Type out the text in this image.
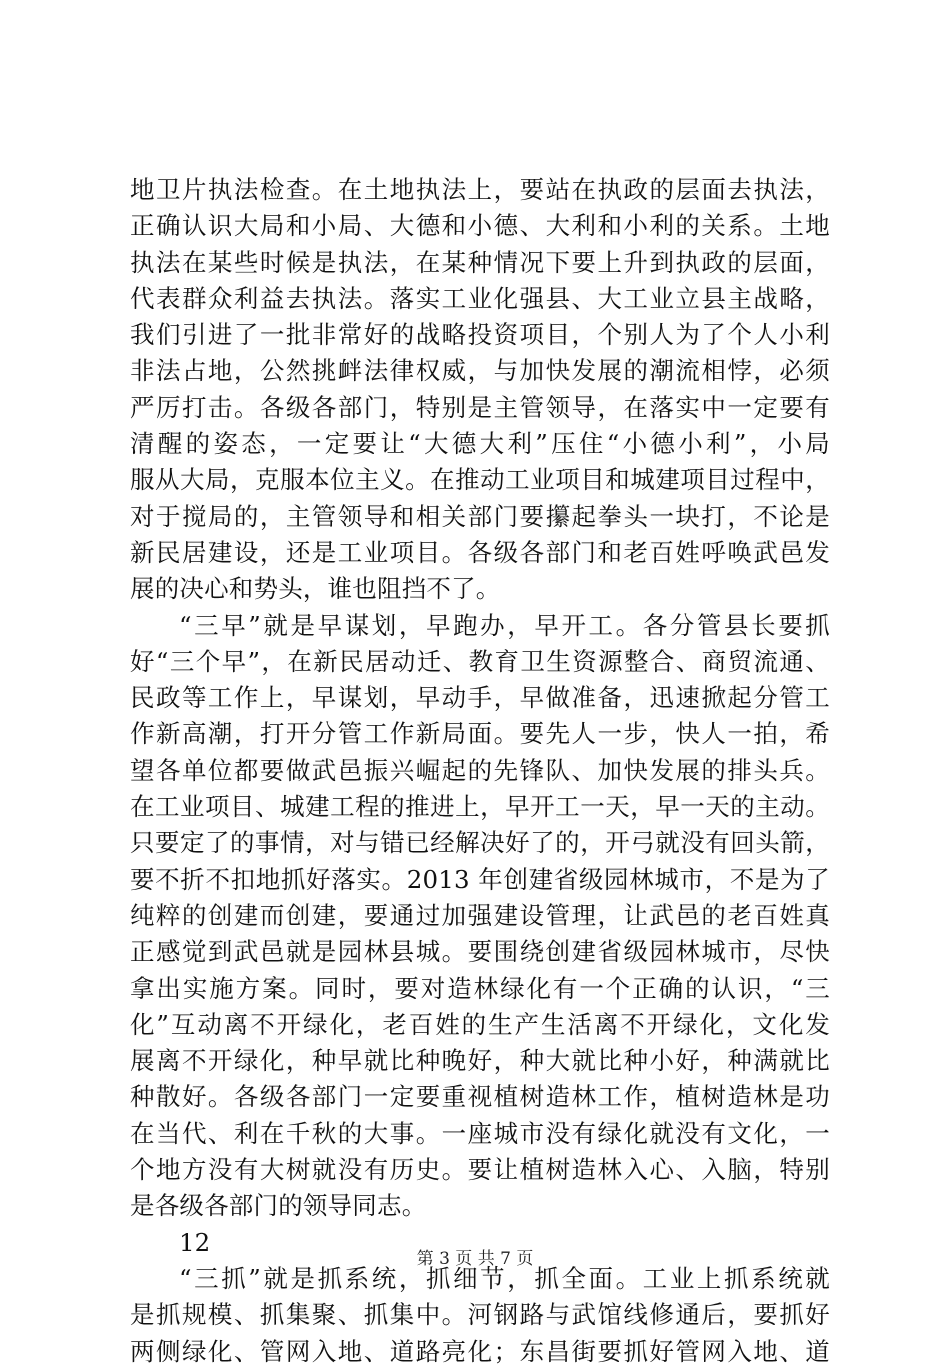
地卫片执法检查。在土地执法上，要站在执政的层面去执法，
正确认识大局和小局、大德和小德、大利和小利的关系。土地
执法在某些时候是执法，在某种情况下要上升到执政的层面，
代表群众利益去执法。落实工业化强县、大工业立县主战略，
我们引进了一批非常好的战略投资项目，个别人为了个人小利
非法占地，公然挑衅法律权威，与加快发展的潮流相悖，必须
严厉打击。各级各部门，特别是主管领导，在落实中一定要有
清醒的姿态，一定要让“大德大利”压住“小德小利”，小局
服从大局，克服本位主义。在推动工业项目和城建项目过程中，
对于搅局的，主管领导和相关部门要攥起拳头一块打，不论是
新民居建设，还是工业项目。各级各部门和老百姓呼唤武邑发
展的决心和势头，谁也阻挡不了。
“三早”就是早谋划，早跑办，早开工。各分管县长要抓
好“三个早”，在新民居动迁、教育卫生资源整合、商贸流通、
民政等工作上，早谋划，早动手，早做准备，迅速掀起分管工
作新高潮，打开分管工作新局面。要先人一步，快人一拍，希
望各单位都要做武邑振兴崛起的先锋队、加快发展的排头兵。
在工业项目、城建工程的推进上，早开工一天，早一天的主动。
只要定了的事情，对与错已经解决好了的，开弓就没有回头箭，
要不折不扣地抓好落实。2013 年创建省级园林城市，不是为了
纯粹的创建而创建，要通过加强建设管理，让武邑的老百姓真
正感觉到武邑就是园林县城。要围绕创建省级园林城市，尽快
拿出实施方案。同时，要对造林绿化有一个正确的认识，“三
化”互动离不开绿化，老百姓的生产生活离不开绿化，文化发
展离不开绿化，种早就比种晚好，种大就比种小好，种满就比
种散好。各级各部门一定要重视植树造林工作，植树造林是功
在当代、利在千秋的大事。一座城市没有绿化就没有文化，一
个地方没有大树就没有历史。要让植树造林入心、入脑，特别
是各级各部门的领导同志。
12
“三抓”就是抓系统，抓细节，抓全面。工业上抓系统就
是抓规模、抓集聚、抓集中。河钢路与武馆线修通后，要抓好
两侧绿化、管网入地、道路亮化；东昌街要抓好管网入地、道
第 3 页 共 7 页
